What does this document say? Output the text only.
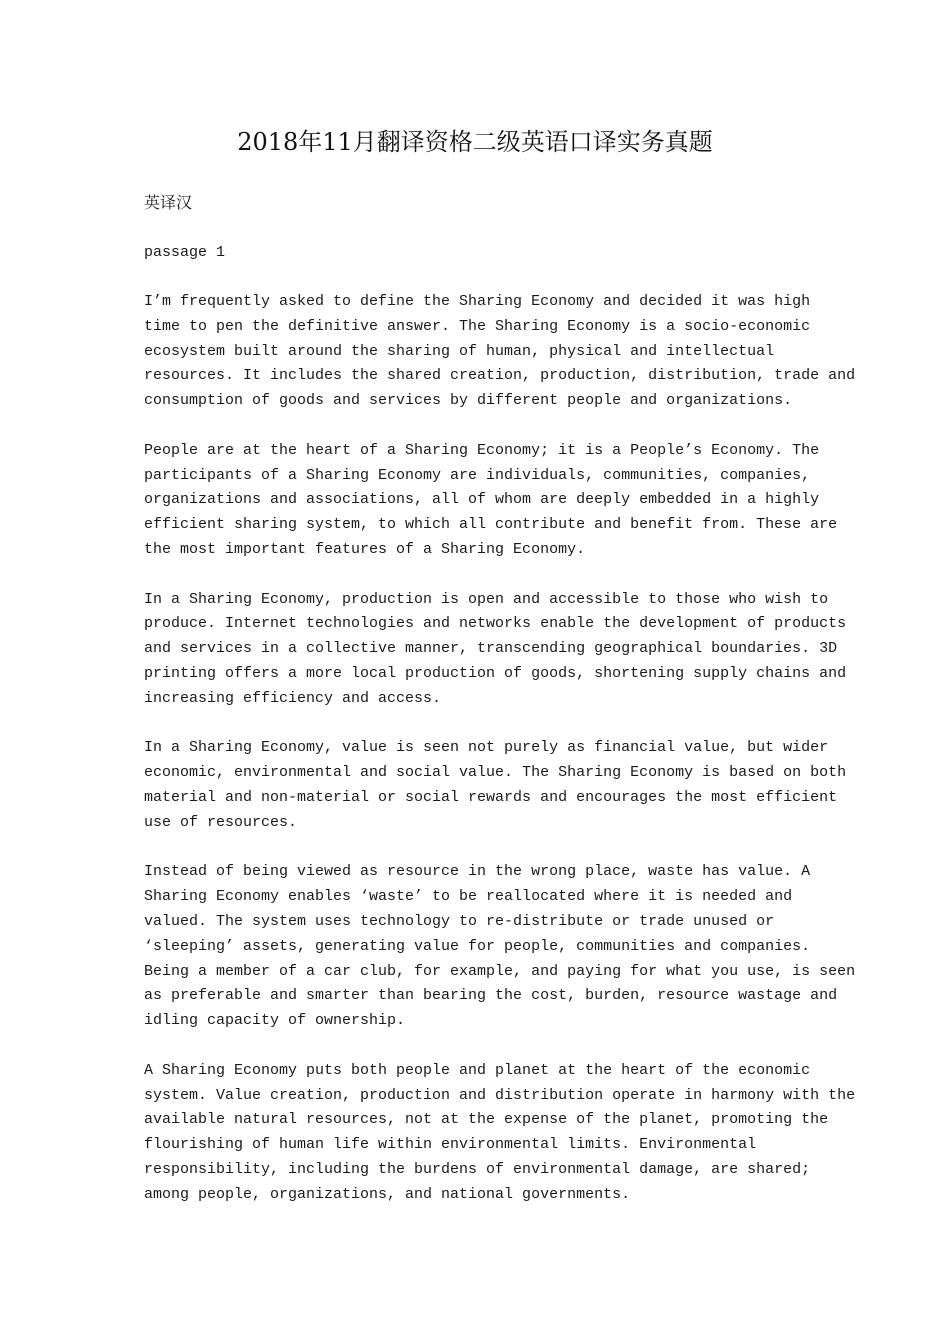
2018年11月翻译资格二级英语口译实务真题
英译汉
passage 1
I’m frequently asked to define the Sharing Economy and decided it was high
time to pen the definitive answer. The Sharing Economy is a socio-economic
ecosystem built around the sharing of human, physical and intellectual
resources. It includes the shared creation, production, distribution, trade and
consumption of goods and services by different people and organizations.
People are at the heart of a Sharing Economy; it is a People’s Economy. The
participants of a Sharing Economy are individuals, communities, companies,
organizations and associations, all of whom are deeply embedded in a highly
efficient sharing system, to which all contribute and benefit from. These are
the most important features of a Sharing Economy.
In a Sharing Economy, production is open and accessible to those who wish to
produce. Internet technologies and networks enable the development of products
and services in a collective manner, transcending geographical boundaries. 3D
printing offers a more local production of goods, shortening supply chains and
increasing efficiency and access.
In a Sharing Economy, value is seen not purely as financial value, but wider
economic, environmental and social value. The Sharing Economy is based on both
material and non-material or social rewards and encourages the most efficient
use of resources.
Instead of being viewed as resource in the wrong place, waste has value. A
Sharing Economy enables ‘waste’ to be reallocated where it is needed and
valued. The system uses technology to re-distribute or trade unused or
‘sleeping’ assets, generating value for people, communities and companies.
Being a member of a car club, for example, and paying for what you use, is seen
as preferable and smarter than bearing the cost, burden, resource wastage and
idling capacity of ownership.
A Sharing Economy puts both people and planet at the heart of the economic
system. Value creation, production and distribution operate in harmony with the
available natural resources, not at the expense of the planet, promoting the
flourishing of human life within environmental limits. Environmental
responsibility, including the burdens of environmental damage, are shared;
among people, organizations, and national governments.
